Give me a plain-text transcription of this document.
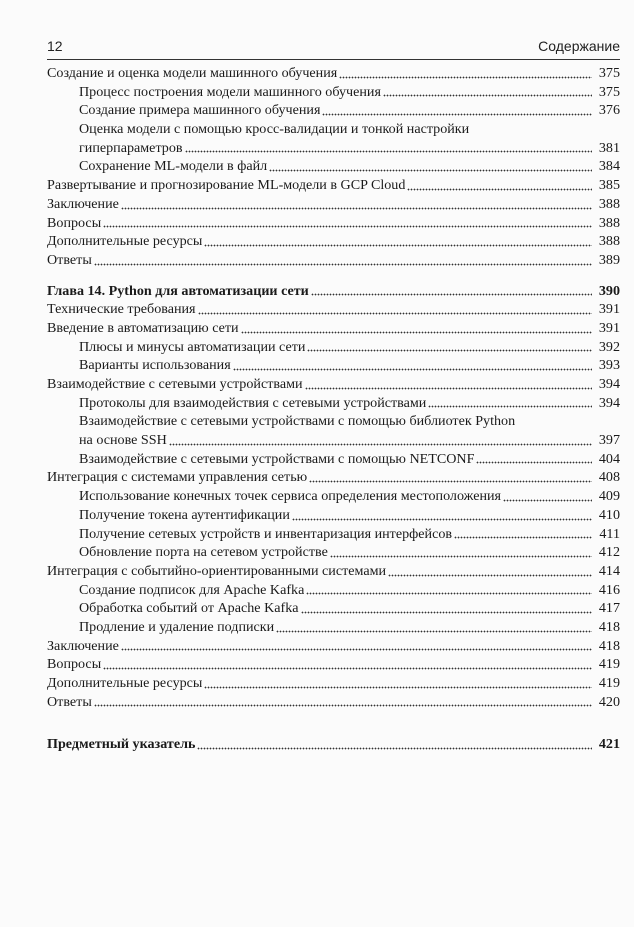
12	Содержание
Создание и оценка модели машинного обучения	375
Процесс построения модели машинного обучения	375
Создание примера машинного обучения	376
Оценка модели с помощью кросс-валидации и тонкой настройки
гиперпараметров	381
Сохранение ML-модели в файл	384
Развертывание и прогнозирование ML-модели в GCP Cloud	385
Заключение	388
Вопросы	388
Дополнительные ресурсы	388
Ответы	389
Глава 14. Python для автоматизации сети	390
Технические требования	391
Введение в автоматизацию сети	391
Плюсы и минусы автоматизации сети	392
Варианты использования	393
Взаимодействие с сетевыми устройствами	394
Протоколы для взаимодействия с сетевыми устройствами	394
Взаимодействие с сетевыми устройствами с помощью библиотек Python
на основе SSH	397
Взаимодействие с сетевыми устройствами с помощью NETCONF	404
Интеграция с системами управления сетью	408
Использование конечных точек сервиса определения местоположения	409
Получение токена аутентификации	410
Получение сетевых устройств и инвентаризация интерфейсов	411
Обновление порта на сетевом устройстве	412
Интеграция с событийно-ориентированными системами	414
Создание подписок для Apache Kafka	416
Обработка событий от Apache Kafka	417
Продление и удаление подписки	418
Заключение	418
Вопросы	419
Дополнительные ресурсы	419
Ответы	420
Предметный указатель	421
